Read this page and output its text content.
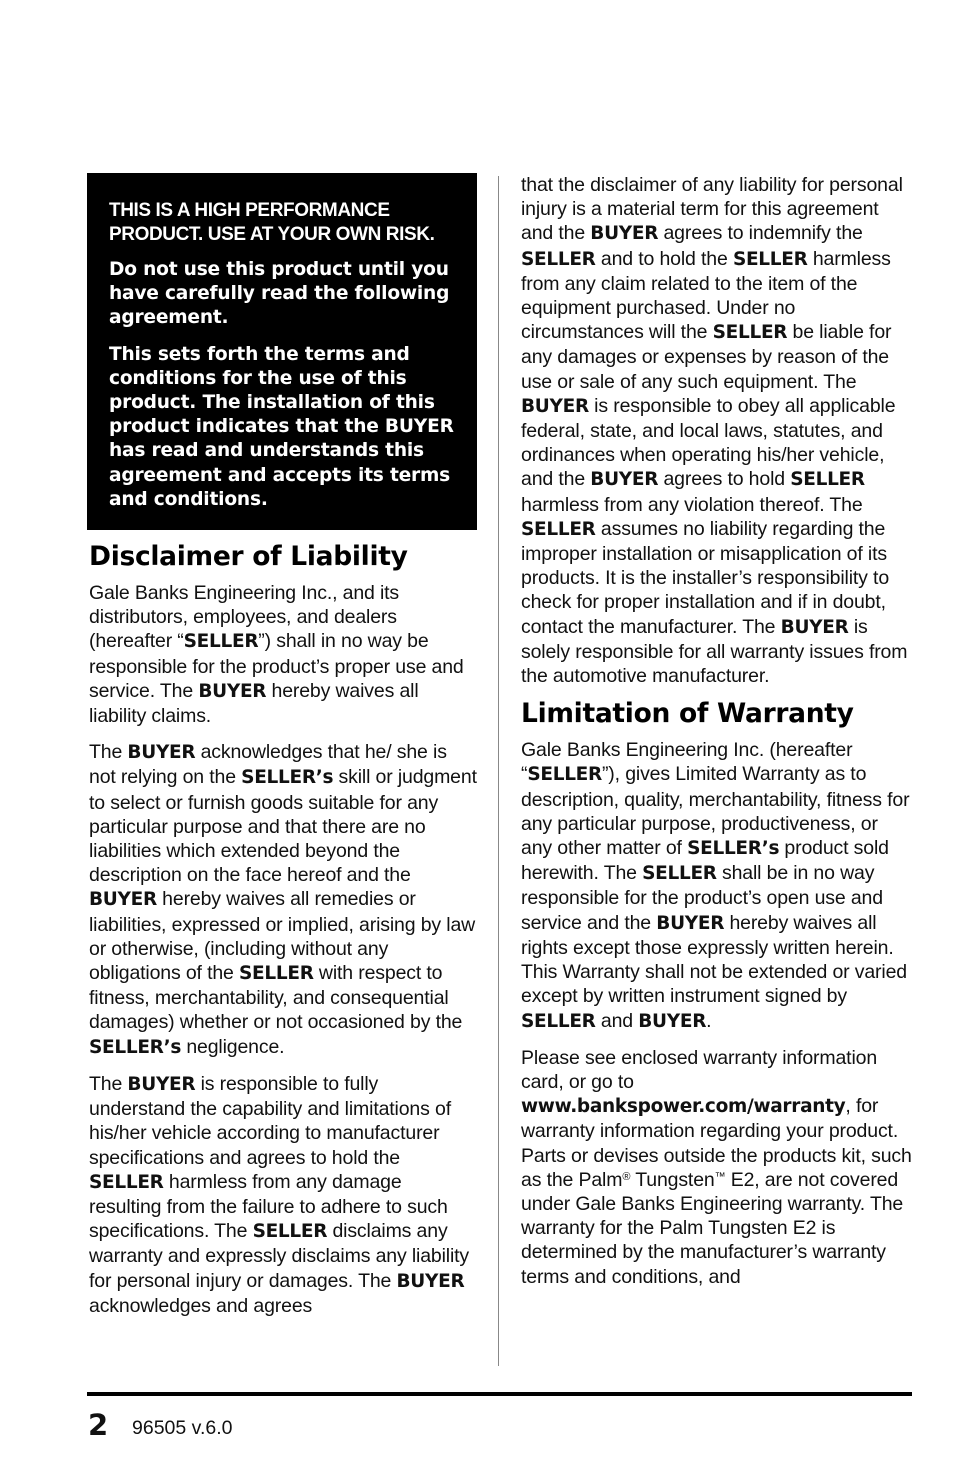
THIS IS A HIGH PERFORMANCE PRODUCT. USE AT YOUR OWN RISK.

Do not use this product until you have carefully read the following agreement.

This sets forth the terms and conditions for the use of this product. The installation of this product indicates that the BUYER has read and understands this agreement and accepts its terms and conditions.

Disclaimer of Liability

Gale Banks Engineering Inc., and its distributors, employees, and dealers (hereafter “SELLER”) shall in no way be responsible for the product’s proper use and service. The BUYER hereby waives all liability claims.

The BUYER acknowledges that he/ she is not relying on the SELLER’s skill or judgment to select or furnish goods suitable for any particular purpose and that there are no liabilities which extended beyond the description on the face hereof and the BUYER hereby waives all remedies or liabilities, expressed or implied, arising by law or otherwise, (including without any obligations of the SELLER with respect to fitness, merchantability, and consequential damages) whether or not occasioned by the SELLER’s negligence.

The BUYER is responsible to fully understand the capability and limitations of his/her vehicle according to manufacturer specifications and agrees to hold the SELLER harmless from any damage resulting from the failure to adhere to such specifications. The SELLER disclaims any warranty and expressly disclaims any liability for personal injury or damages. The BUYER acknowledges and agrees

that the disclaimer of any liability for personal injury is a material term for this agreement and the BUYER agrees to indemnify the SELLER and to hold the SELLER harmless from any claim related to the item of the equipment purchased. Under no circumstances will the SELLER be liable for any damages or expenses by reason of the use or sale of any such equipment. The BUYER is responsible to obey all applicable federal, state, and local laws, statutes, and ordinances when operating his/her vehicle, and the BUYER agrees to hold SELLER harmless from any violation thereof. The SELLER assumes no liability regarding the improper installation or misapplication of its products. It is the installer’s responsibility to check for proper installation and if in doubt, contact the manufacturer. The BUYER is solely responsible for all warranty issues from the automotive manufacturer.

Limitation of Warranty

Gale Banks Engineering Inc. (hereafter “SELLER”), gives Limited Warranty as to description, quality, merchantability, fitness for any particular purpose, productiveness, or any other matter of SELLER’s product sold herewith. The SELLER shall be in no way responsible for the product’s open use and service and the BUYER hereby waives all rights except those expressly written herein. This Warranty shall not be extended or varied except by written instrument signed by SELLER and BUYER.

Please see enclosed warranty information card, or go to www.bankspower.com/warranty, for warranty information regarding your product. Parts or devises outside the products kit, such as the Palm® Tungsten™ E2, are not covered under Gale Banks Engineering warranty. The warranty for the Palm Tungsten E2 is determined by the manufacturer’s warranty terms and conditions, and

2 96505 v.6.0
